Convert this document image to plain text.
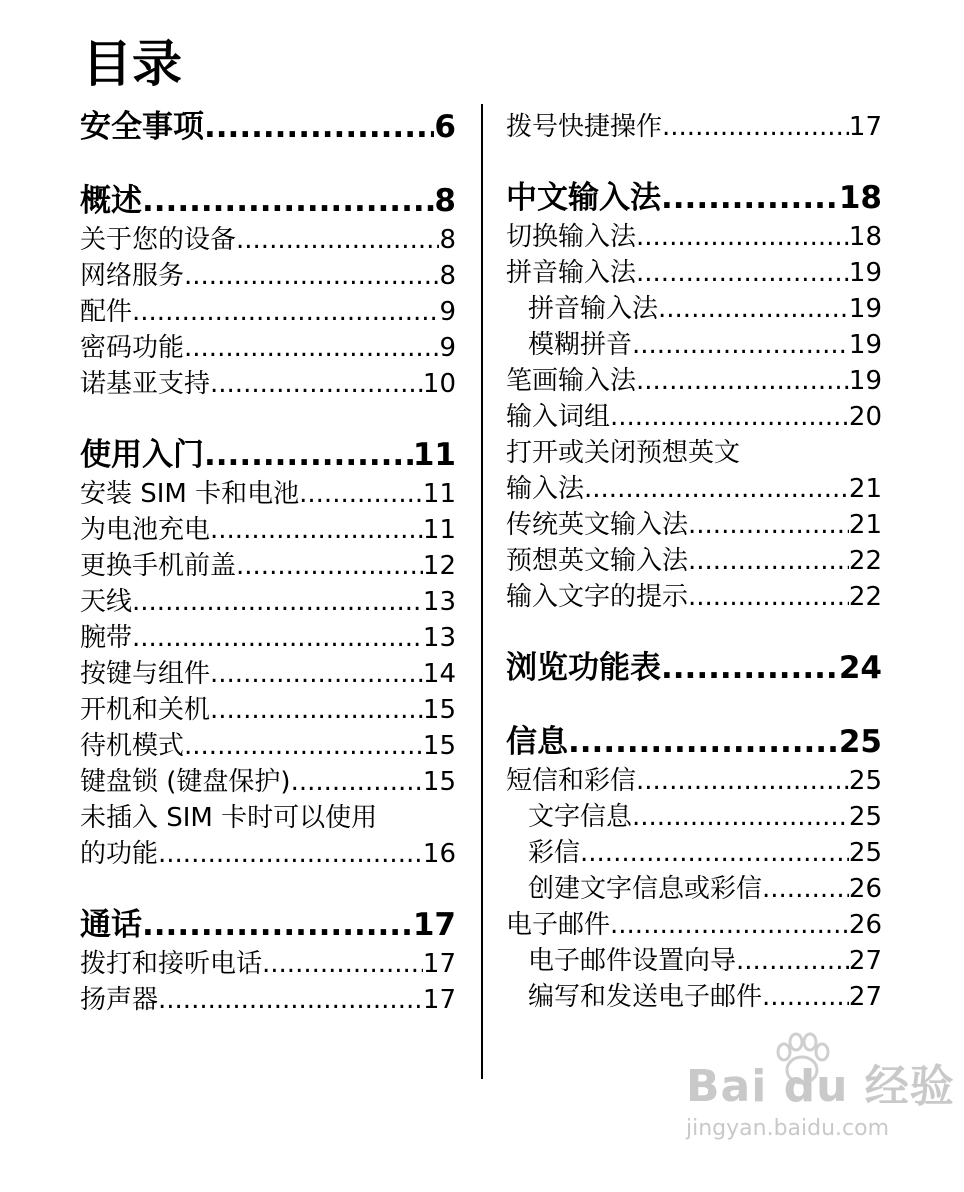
目录
安全事项 .....	6
概述 .....	8
关于您的设备 .....	8
网络服务 .....	8
配件 .....	9
密码功能 .....	9
诺基亚支持 .....	10
使用入门 .....	11
安装 SIM 卡和电池 .....	11
为电池充电 .....	11
更换手机前盖 .....	12
天线 .....	13
腕带 .....	13
按键与组件 .....	14
开机和关机 .....	15
待机模式 .....	15
键盘锁 (键盘保护) .....	15
未插入 SIM 卡时可以使用
的功能 .....	16
通话 .....	17
拨打和接听电话 .....	17
扬声器 .....	17
拨号快捷操作 .....	17
中文输入法 .....	18
切换输入法 .....	18
拼音输入法 .....	19
拼音输入法 .....	19
模糊拼音 .....	19
笔画输入法 .....	19
输入词组 .....	20
打开或关闭预想英文
输入法 .....	21
传统英文输入法 .....	21
预想英文输入法 .....	22
输入文字的提示 .....	22
浏览功能表 .....	24
信息 .....	25
短信和彩信 .....	25
文字信息 .....	25
彩信 .....	25
创建文字信息或彩信 .....	26
电子邮件 .....	26
电子邮件设置向导 .....	27
编写和发送电子邮件 .....	27
Bai du 经验
jingyan.baidu.com
